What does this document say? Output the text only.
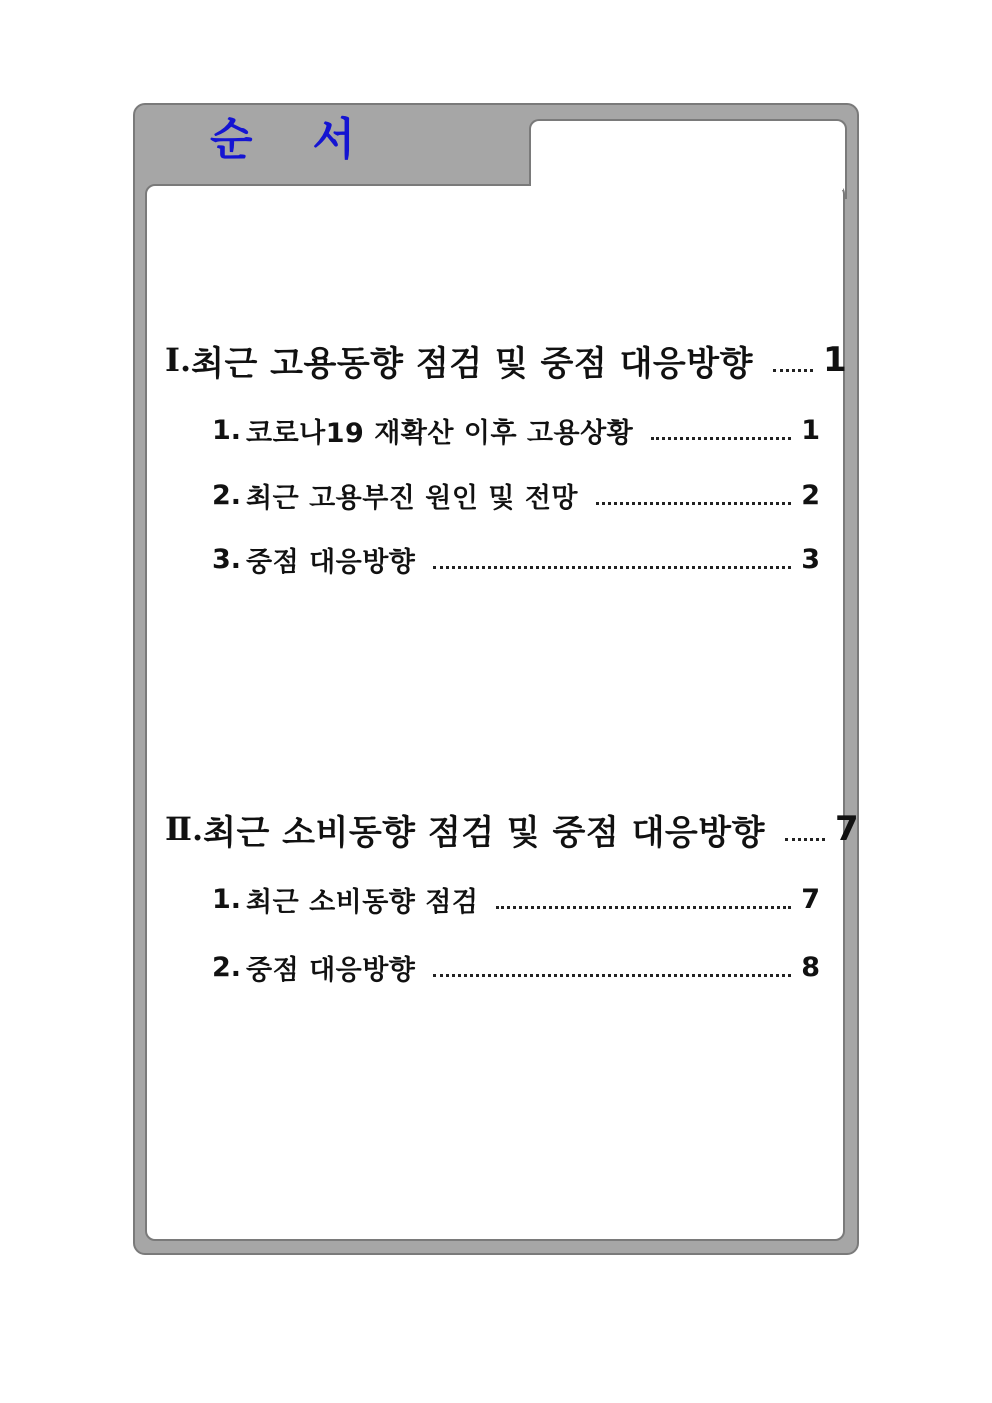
순 서
Ⅰ. 최근 고용동향 점검 및 중점 대응방향 1
1. 코로나19 재확산 이후 고용상황	1
2. 최근 고용부진 원인 및 전망	2
3. 중점 대응방향	3
Ⅱ. 최근 소비동향 점검 및 중점 대응방향 7
1. 최근 소비동향 점검	7
2. 중점 대응방향	8
